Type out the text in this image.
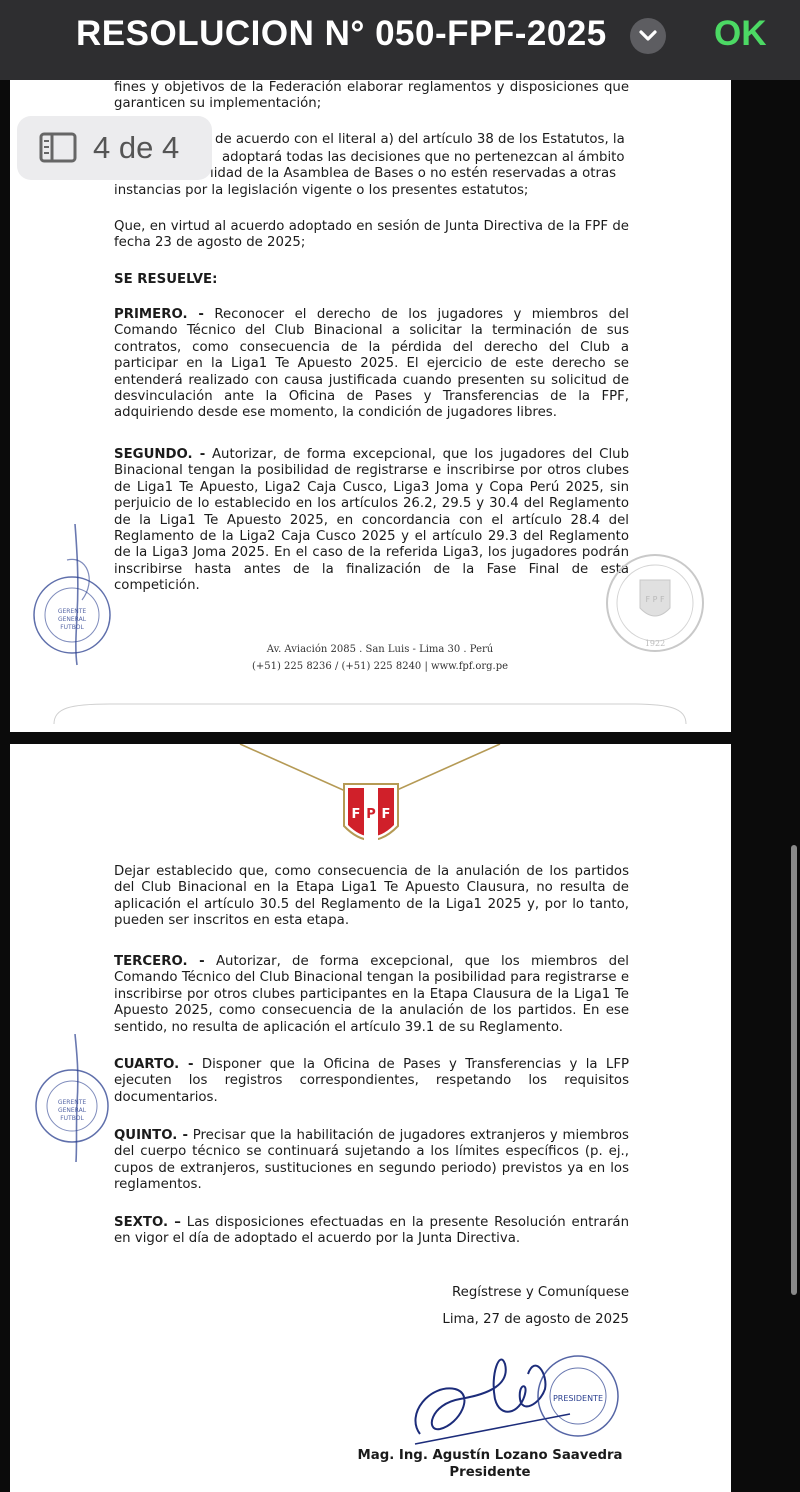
RESOLUCION N° 050-FPF-2025	OK
fines y objetivos de la Federación elaborar reglamentos y disposiciones que garanticen su implementación;
de acuerdo con el literal a) del artículo 38 de los Estatutos, la
adoptará todas las decisiones que no pertenezcan al ámbito
ıidad de la Asamblea de Bases o no estén reservadas a otras
instancias por la legislación vigente o los presentes estatutos;
Que, en virtud al acuerdo adoptado en sesión de Junta Directiva de la FPF de fecha 23 de agosto de 2025;
SE RESUELVE:
PRIMERO. - Reconocer el derecho de los jugadores y miembros del Comando Técnico del Club Binacional a solicitar la terminación de sus contratos, como consecuencia de la pérdida del derecho del Club a participar en la Liga1 Te Apuesto 2025. El ejercicio de este derecho se entenderá realizado con causa justificada cuando presenten su solicitud de desvinculación ante la Oficina de Pases y Transferencias de la FPF, adquiriendo desde ese momento, la condición de jugadores libres.
SEGUNDO. - Autorizar, de forma excepcional, que los jugadores del Club Binacional tengan la posibilidad de registrarse e inscribirse por otros clubes de Liga1 Te Apuesto, Liga2 Caja Cusco, Liga3 Joma y Copa Perú 2025, sin perjuicio de lo establecido en los artículos 26.2, 29.5 y 30.4 del Reglamento de la Liga1 Te Apuesto 2025, en concordancia con el artículo 28.4 del Reglamento de la Liga2 Caja Cusco 2025 y el artículo 29.3 del Reglamento de la Liga3 Joma 2025. En el caso de la referida Liga3, los jugadores podrán inscribirse hasta antes de la finalización de la Fase Final de esta competición.
GERENTE
GENERAL
FÚTBOL
F P F
1922
Av. Aviación 2085 . San Luis - Lima 30 . Perú
(+51) 225 8236 / (+51) 225 8240 | www.fpf.org.pe
F P F
Dejar establecido que, como consecuencia de la anulación de los partidos del Club Binacional en la Etapa Liga1 Te Apuesto Clausura, no resulta de aplicación el artículo 30.5 del Reglamento de la Liga1 2025 y, por lo tanto, pueden ser inscritos en esta etapa.
TERCERO. - Autorizar, de forma excepcional, que los miembros del Comando Técnico del Club Binacional tengan la posibilidad para registrarse e inscribirse por otros clubes participantes en la Etapa Clausura de la Liga1 Te Apuesto 2025, como consecuencia de la anulación de los partidos. En ese sentido, no resulta de aplicación el artículo 39.1 de su Reglamento.
CUARTO. - Disponer que la Oficina de Pases y Transferencias y la LFP ejecuten los registros correspondientes, respetando los requisitos documentarios.
QUINTO. - Precisar que la habilitación de jugadores extranjeros y miembros del cuerpo técnico se continuará sujetando a los límites específicos (p. ej., cupos de extranjeros, sustituciones en segundo periodo) previstos ya en los reglamentos.
SEXTO. – Las disposiciones efectuadas en la presente Resolución entrarán en vigor el día de adoptado el acuerdo por la Junta Directiva.
Regístrese y Comuníquese
Lima, 27 de agosto de 2025
GERENTE
GENERAL
FÚTBOL
PRESIDENTE
Mag. Ing. Agustín Lozano Saavedra
Presidente
4 de 4
